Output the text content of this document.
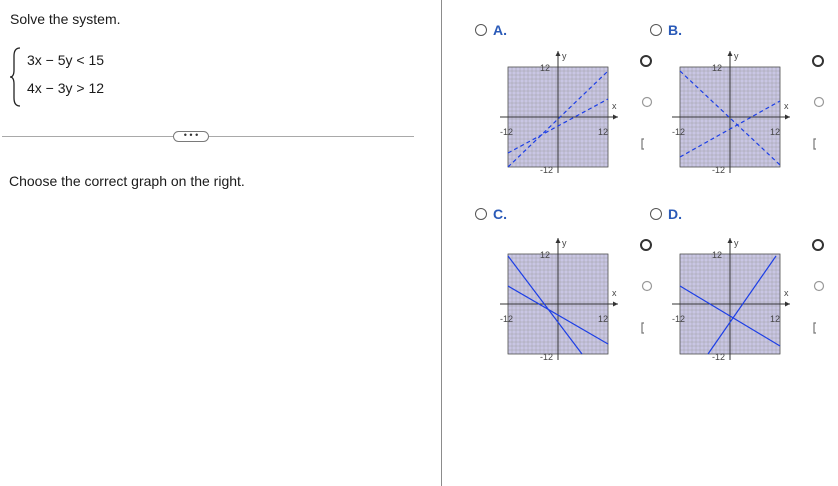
Solve the system.
3x − 5y < 15
4x − 3y > 12
• • •
Choose the correct graph on the right.
A.
y
x
-12	12
12
-12
B.
y
x
-12	12
12
-12
C.
y
x
-12	12
12
-12
D.
y
x
-12	12
12
-12
